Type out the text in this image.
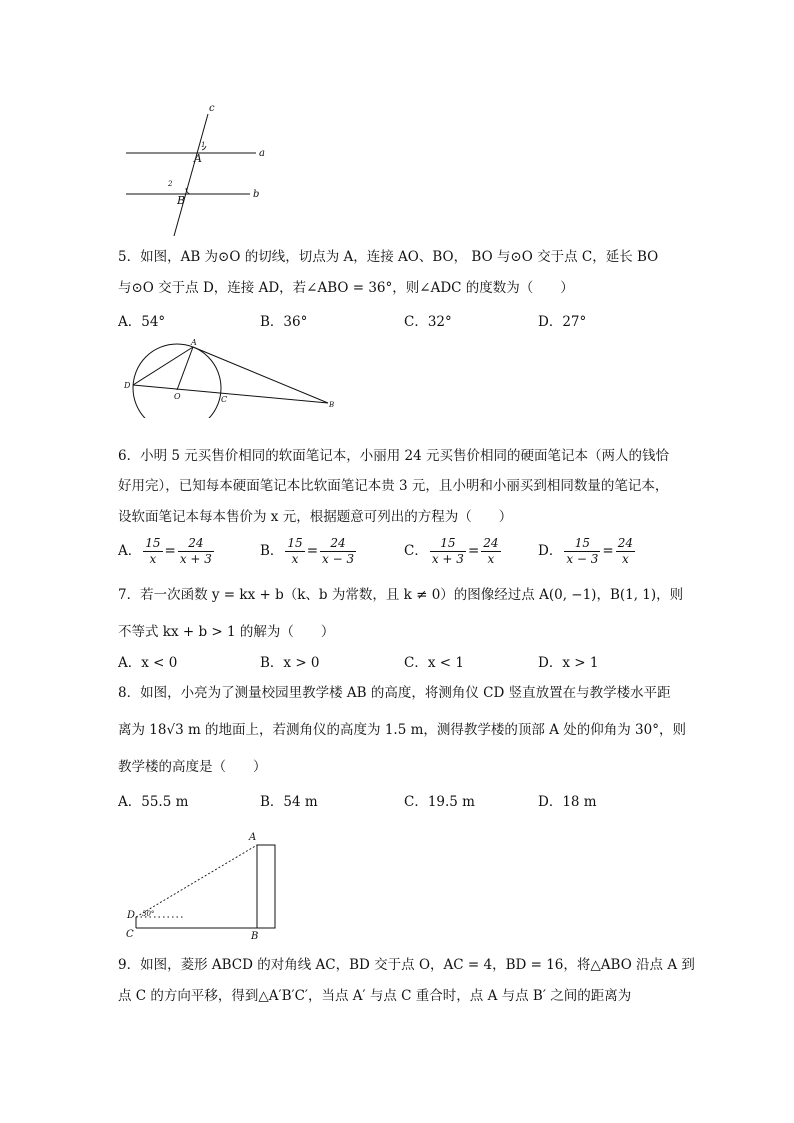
c
a
b
A
B
1
2
5．如图，AB 为⊙O 的切线，切点为 A，连接 AO、BO， BO 与⊙O 交于点 C，延长 BO
与⊙O 交于点 D，连接 AD，若∠ABO = 36°，则∠ADC 的度数为（　　）
A．54°	B．36°	C．32°	D．27°
A
D
O	C
B
6．小明 5 元买售价相同的软面笔记本，小丽用 24 元买售价相同的硬面笔记本（两人的钱恰
好用完），已知每本硬面笔记本比软面笔记本贵 3 元，且小明和小丽买到相同数量的笔记本，
设软面笔记本每本售价为 x 元，根据题意可列出的方程为（　　）
A． $\frac{15}{x} = \frac{24}{x + 3}$	B． $\frac{15}{x} = \frac{24}{x - 3}$	C． $\frac{15}{x + 3} = \frac{24}{x}$	D． $\frac{15}{x - 3} = \frac{24}{x}$
7．若一次函数 y = kx + b（k、b 为常数，且 k ≠ 0）的图像经过点 A(0, −1)，B(1, 1)，则
不等式 kx + b > 1 的解为（　　）
A．x < 0	B．x > 0	C．x < 1	D．x > 1
8．如图，小亮为了测量校园里教学楼 AB 的高度，将测角仪 CD 竖直放置在与教学楼水平距
离为 18√3 m 的地面上，若测角仪的高度为 1.5 m，测得教学楼的顶部 A 处的仰角为 30°，则
教学楼的高度是（　　）
A．55.5 m	B．54 m	C．19.5 m	D．18 m
A
B
C
D 30°
9．如图，菱形 ABCD 的对角线 AC，BD 交于点 O，AC = 4，BD = 16，将△ABO 沿点 A 到
点 C 的方向平移，得到△A′B′C′，当点 A′ 与点 C 重合时，点 A 与点 B′ 之间的距离为
